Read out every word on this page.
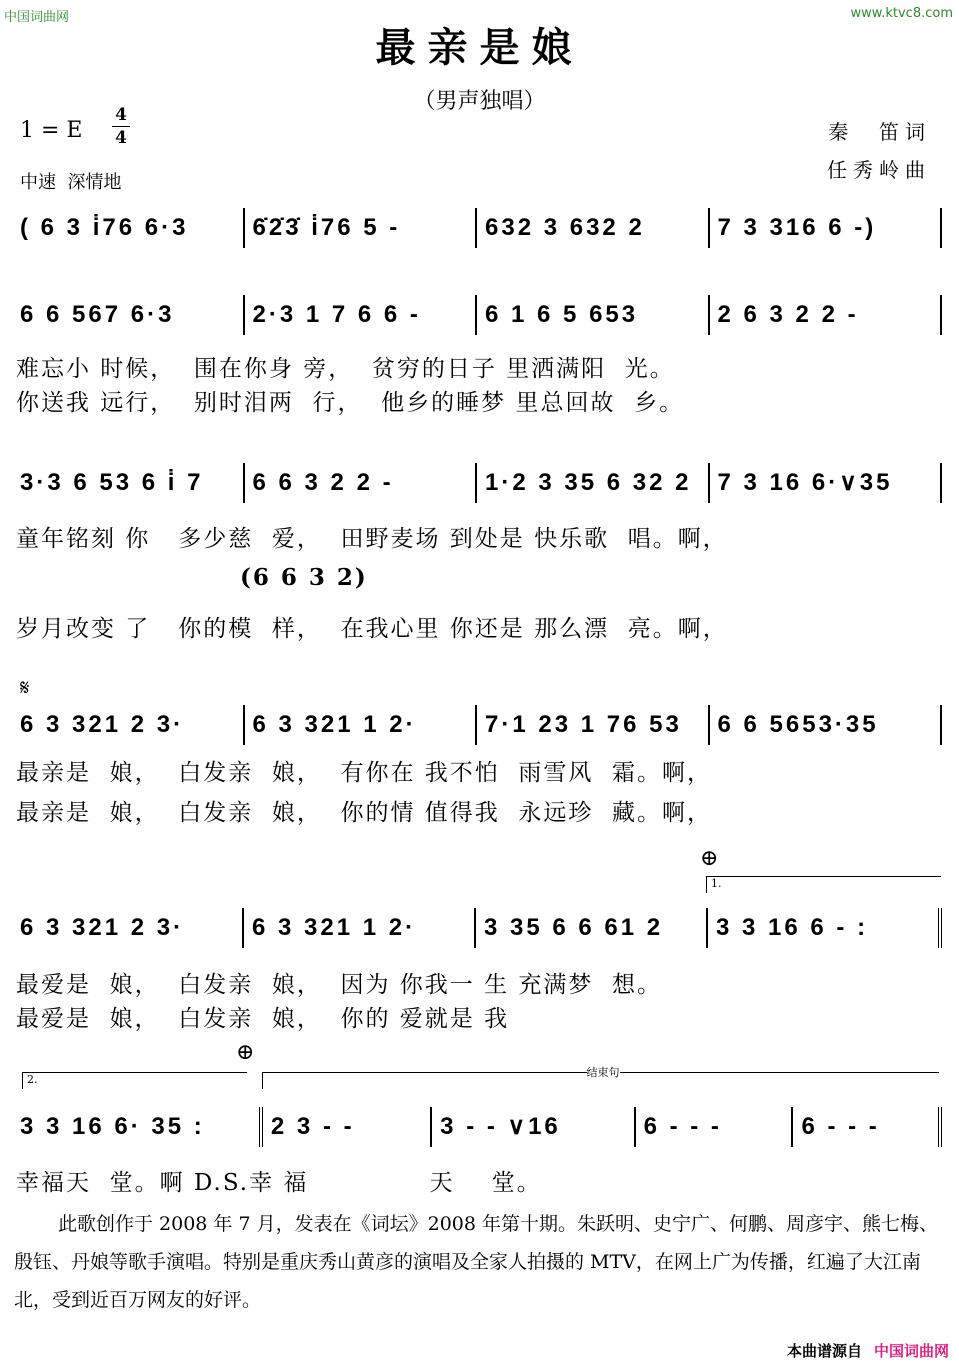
中国词曲网	www.ktvc8.com
最亲是娘
（男声独唱）
1 = E
4
4
中速  深情地
秦  笛词
任秀岭曲
( 6 3 i̇76 6·3	6̇2̇3̇ i̇76 5 -	632 3 632 2	7 3 316 6 -)
6 6 567 6·3	2·3 1 7 6 6 -	6 1 6 5 653	2 6 3 2 2 -
难忘小 时候，  围在你身 旁，  贫穷的日子 里洒满阳  光。
你送我 远行，  别时泪两  行，  他乡的睡梦 里总回故  乡。
3·3 6 53 6 i̇ 7	6 6 3 2 2 -	1·2 3 35 6 32 2	7 3 16 6·∨35
童年铭刻 你   多少慈  爱，  田野麦场 到处是 快乐歌  唱。啊，
(6 6 3 2)
岁月改变 了   你的模  样，  在我心里 你还是 那么漂  亮。啊，
𝄋
6 3 321 2 3·	6 3 321 1 2·	7·1 23 1 76 53	6 6 5653·35
最亲是  娘，  白发亲  娘，  有你在 我不怕  雨雪风  霜。啊，
最亲是  娘，  白发亲  娘，  你的情 值得我  永远珍  藏。啊，
⊕
1.
6 3 321 2 3·	6 3 321 1 2·	3 35 6 6 61 2	3 3 16 6 - :
最爱是  娘，  白发亲  娘，  因为 你我一 生 充满梦  想。
最爱是  娘，  白发亲  娘，  你的 爱就是 我
⊕
2.
结束句
3 3 16 6· 35 :	2 3 - -	3 - - ∨16	6 - - -	6 - - -
幸福天  堂。啊 D.S.幸 福             天    堂。
此歌创作于 2008 年 7 月，发表在《词坛》2008 年第十期。朱跃明、史宁广、何鹏、周彦宇、熊七梅、殷钰、丹娘等歌手演唱。特别是重庆秀山黄彦的演唱及全家人拍摄的 MTV，在网上广为传播，红遍了大江南北，受到近百万网友的好评。
本曲谱源自 中国词曲网
